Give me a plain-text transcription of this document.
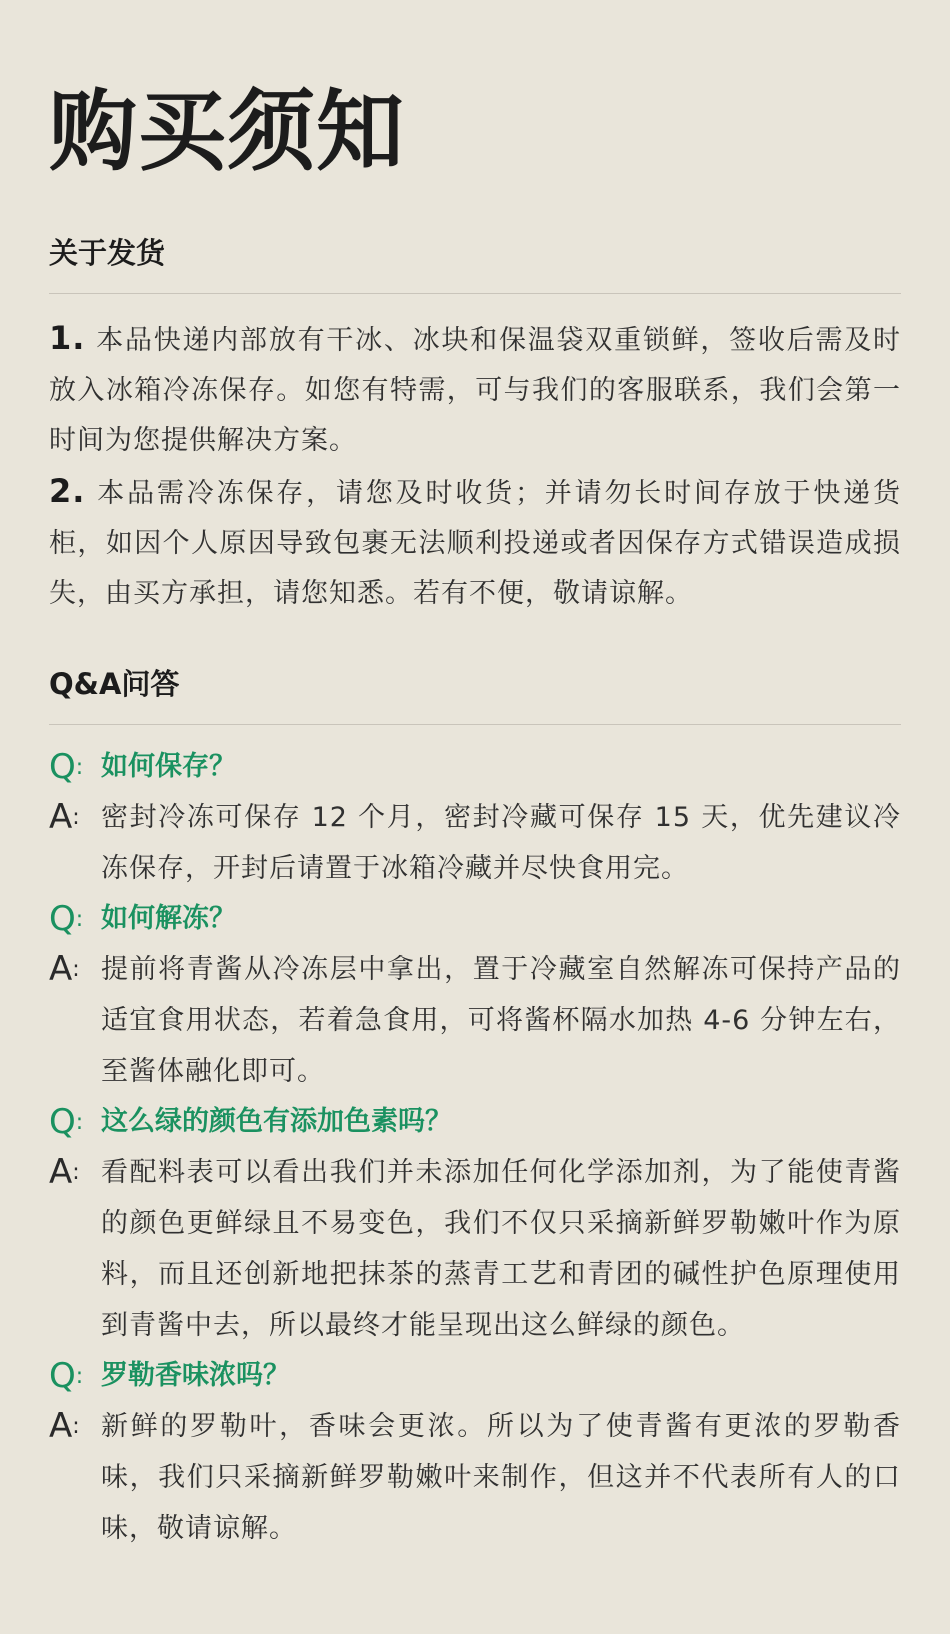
购买须知
关于发货

1. 本品快递内部放有干冰、冰块和保温袋双重锁鲜，签收后需及时放入冰箱冷冻保存。如您有特需，可与我们的客服联系，我们会第一时间为您提供解决方案。

2. 本品需冷冻保存，请您及时收货；并请勿长时间存放于快递货柜，如因个人原因导致包裹无法顺利投递或者因保存方式错误造成损失，由买方承担，请您知悉。若有不便，敬请谅解。

Q&A问答
Q: 如何保存？
A: 密封冷冻可保存 12 个月，密封冷藏可保存 15 天，优先建议冷冻保存，开封后请置于冰箱冷藏并尽快食用完。
Q: 如何解冻？
A: 提前将青酱从冷冻层中拿出，置于冷藏室自然解冻可保持产品的适宜食用状态，若着急食用，可将酱杯隔水加热 4-6 分钟左右，至酱体融化即可。
Q: 这么绿的颜色有添加色素吗？
A: 看配料表可以看出我们并未添加任何化学添加剂，为了能使青酱的颜色更鲜绿且不易变色，我们不仅只采摘新鲜罗勒嫩叶作为原料，而且还创新地把抹茶的蒸青工艺和青团的碱性护色原理使用到青酱中去，所以最终才能呈现出这么鲜绿的颜色。
Q: 罗勒香味浓吗？
A: 新鲜的罗勒叶，香味会更浓。所以为了使青酱有更浓的罗勒香味，我们只采摘新鲜罗勒嫩叶来制作，但这并不代表所有人的口味，敬请谅解。
